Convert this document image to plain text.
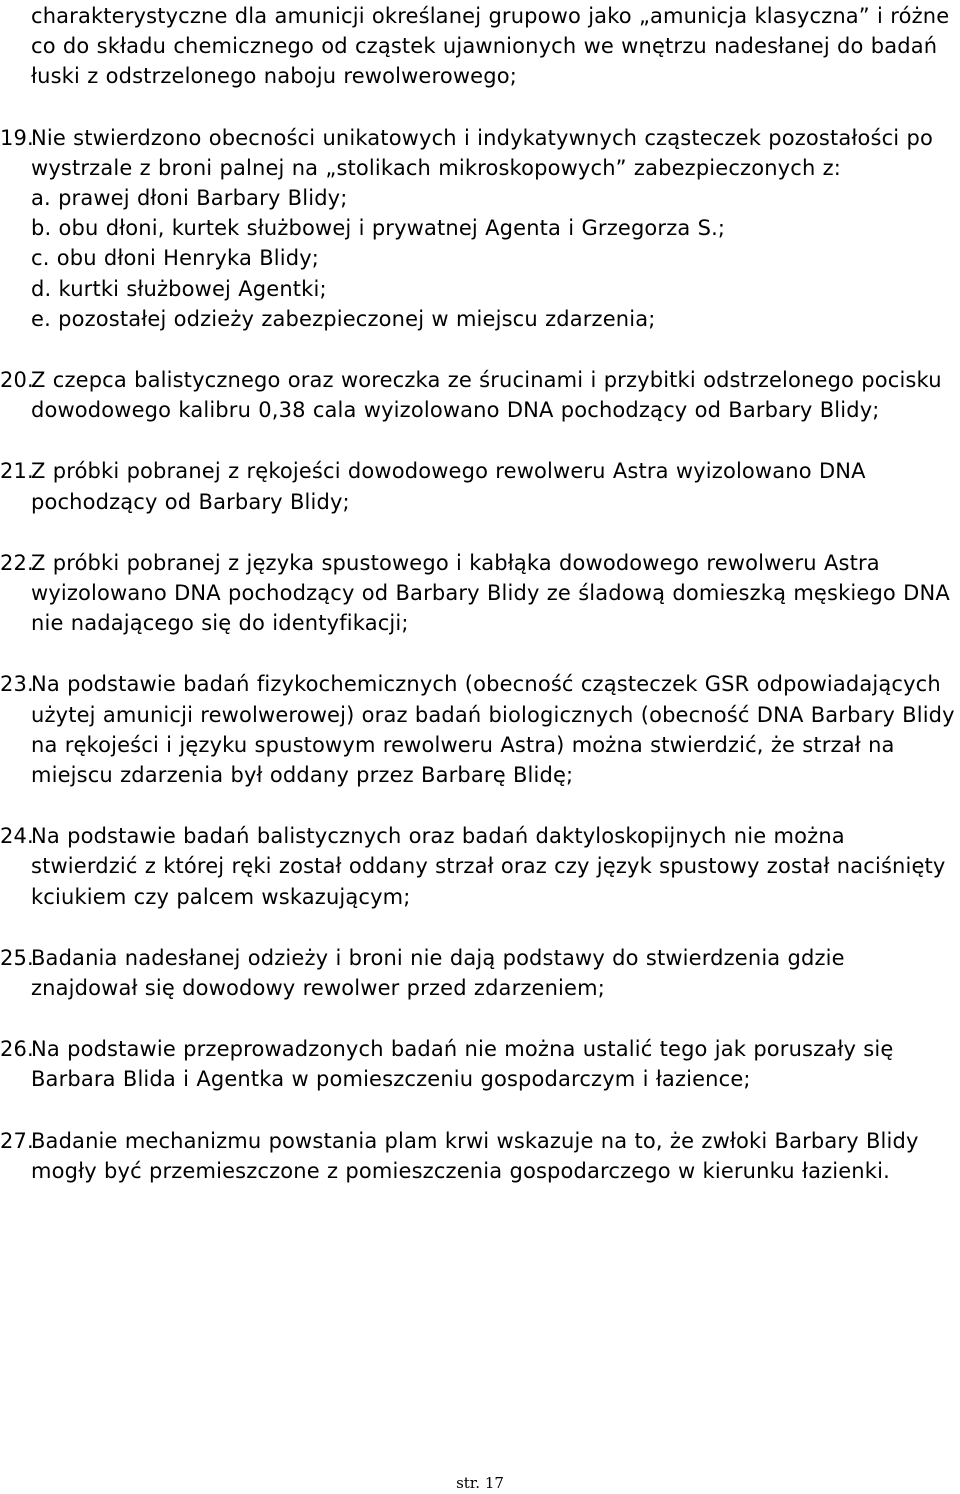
charakterystyczne dla amunicji określanej grupowo jako „amunicja klasyczna” i różne co do składu chemicznego od cząstek ujawnionych we wnętrzu nadesłanej do badań łuski z odstrzelonego naboju rewolwerowego;

19.
Nie stwierdzono obecności unikatowych i indykatywnych cząsteczek pozostałości po wystrzale z broni palnej na „stolikach mikroskopowych” zabezpieczonych z:
a. prawej dłoni Barbary Blidy;
b. obu dłoni, kurtek służbowej i prywatnej Agenta i Grzegorza S.;
c. obu dłoni Henryka Blidy;
d. kurtki służbowej Agentki;
e. pozostałej odzieży zabezpieczonej w miejscu zdarzenia;
20.
Z czepca balistycznego oraz woreczka ze śrucinami i przybitki odstrzelonego pocisku dowodowego kalibru 0,38 cala wyizolowano DNA pochodzący od Barbary Blidy;
21.
Z próbki pobranej z rękojeści dowodowego rewolweru Astra wyizolowano DNA pochodzący od Barbary Blidy;
22.
Z próbki pobranej z języka spustowego i kabłąka dowodowego rewolweru Astra wyizolowano DNA pochodzący od Barbary Blidy ze śladową domieszką męskiego DNA nie nadającego się do identyfikacji;
23.
Na podstawie badań fizykochemicznych (obecność cząsteczek GSR odpowiadających użytej amunicji rewolwerowej) oraz badań biologicznych (obecność DNA Barbary Blidy na rękojeści i języku spustowym rewolweru Astra) można stwierdzić, że strzał na miejscu zdarzenia był oddany przez Barbarę Blidę;
24.
Na podstawie badań balistycznych oraz badań daktyloskopijnych nie można stwierdzić z której ręki został oddany strzał oraz czy język spustowy został naciśnięty kciukiem czy palcem wskazującym;
25.
Badania nadesłanej odzieży i broni nie dają podstawy do stwierdzenia gdzie znajdował się dowodowy rewolwer przed zdarzeniem;
26.
Na podstawie przeprowadzonych badań nie można ustalić tego jak poruszały się Barbara Blida i Agentka w pomieszczeniu gospodarczym i łazience;
27.
Badanie mechanizmu powstania plam krwi wskazuje na to, że zwłoki Barbary Blidy mogły być przemieszczone z pomieszczenia gospodarczego w kierunku łazienki.
str. 17
